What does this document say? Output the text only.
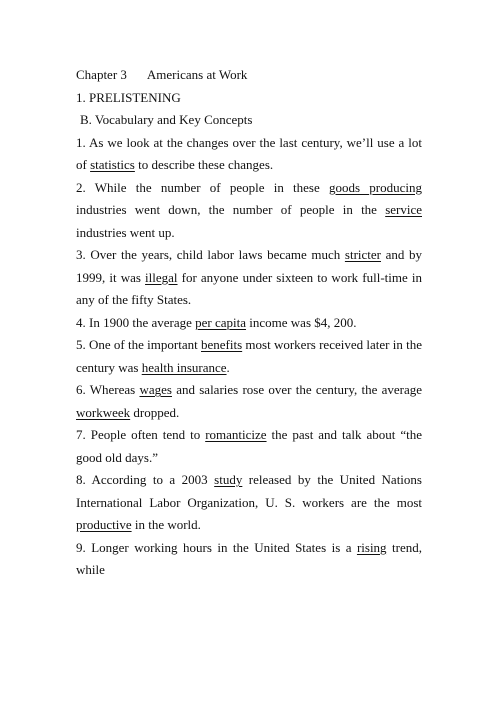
Chapter 3 Americans at Work

1. PRELISTENING

B. Vocabulary and Key Concepts

1. As we look at the changes over the last century, we’ll use a lot of statistics to describe these changes.

2. While the number of people in these goods producing industries went down, the number of people in the service industries went up.

3. Over the years, child labor laws became much stricter and by 1999, it was illegal for anyone under sixteen to work full-time in any of the fifty States.

4. In 1900 the average per capita income was $4, 200.

5. One of the important benefits most workers received later in the century was health insurance.

6. Whereas wages and salaries rose over the century, the average workweek dropped.

7. People often tend to romanticize the past and talk about “the good old days.”

8. According to a 2003 study released by the United Nations International Labor Organization, U. S. workers are the most productive in the world.

9. Longer working hours in the United States is a rising trend, while
